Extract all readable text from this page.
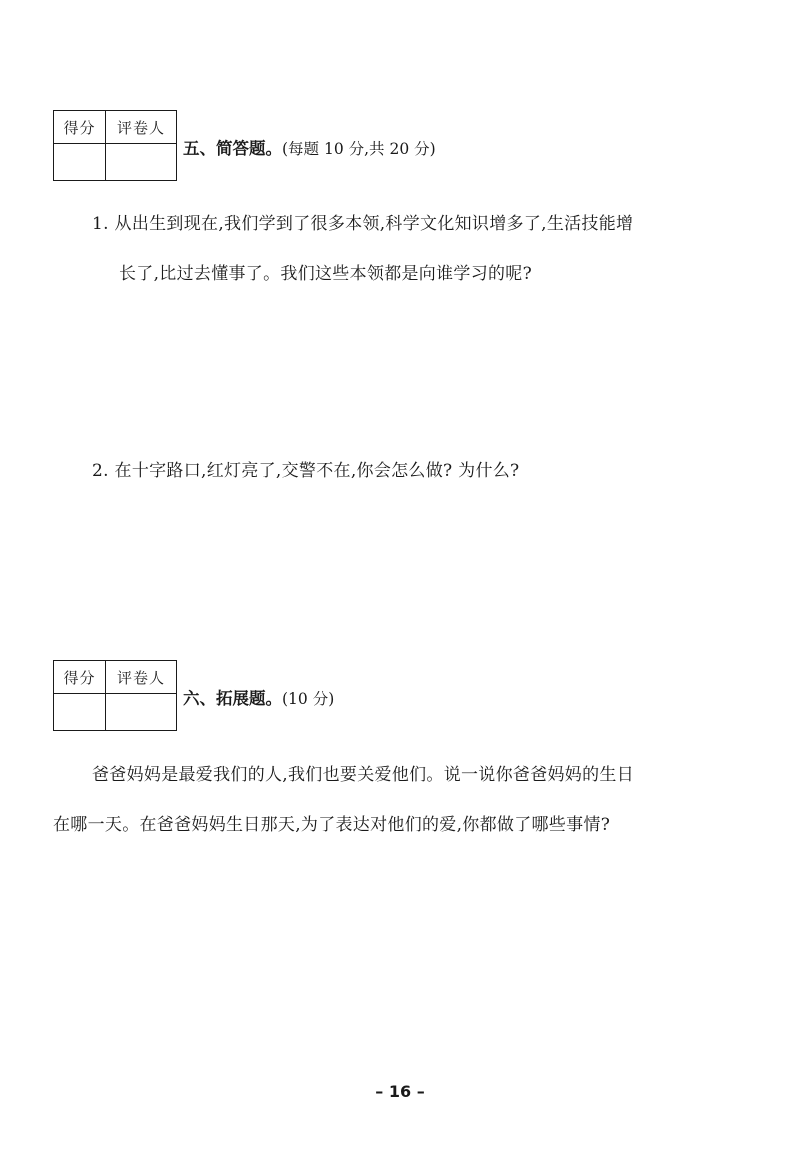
得分	评卷人
五、简答题。(每题 10 分,共 20 分)
1. 从出生到现在,我们学到了很多本领,科学文化知识增多了,生活技能增
长了,比过去懂事了。我们这些本领都是向谁学习的呢?
2. 在十字路口,红灯亮了,交警不在,你会怎么做? 为什么?
得分	评卷人
六、拓展题。(10 分)
爸爸妈妈是最爱我们的人,我们也要关爱他们。说一说你爸爸妈妈的生日
在哪一天。在爸爸妈妈生日那天,为了表达对他们的爱,你都做了哪些事情?
– 16 –
